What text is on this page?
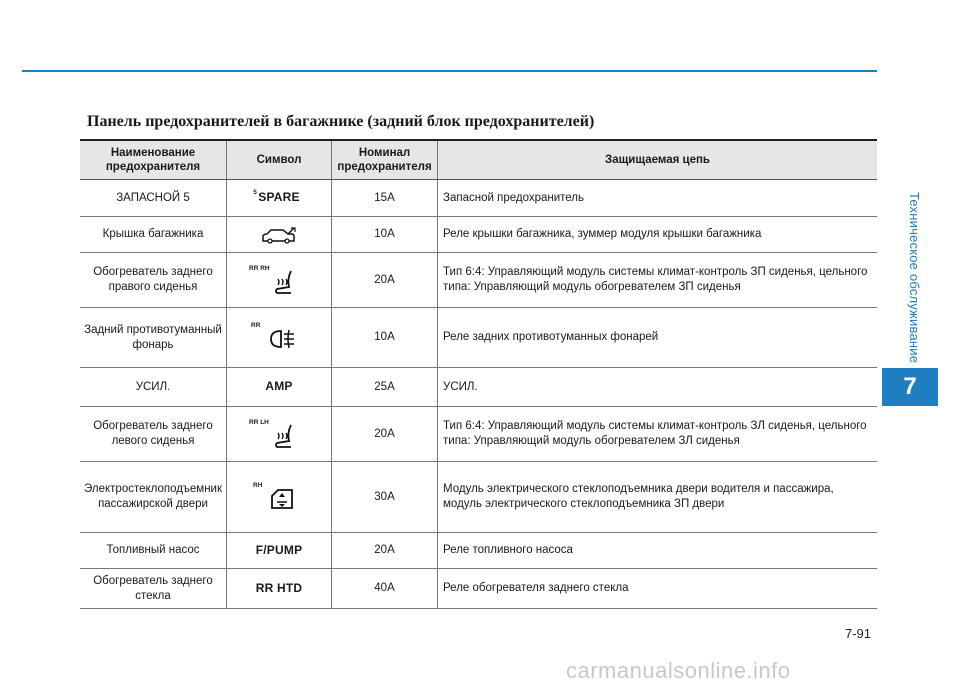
Техническое обслуживание
7
Панель предохранителей в багажнике (задний блок предохранителей)
Наименование предохранителя	Символ	Номинал предохранителя	Защищаемая цепь
ЗАПАСНОЙ 5	5 SPARE	15A	Запасной предохранитель
Крышка багажника		10A	Реле крышки багажника, зуммер модуля крышки багажника
Обогреватель заднего правого сиденья	RR RH	20A	Тип 6:4: Управляющий модуль системы климат-контроль ЗП сиденья, цельного типа: Управляющий модуль обогревателем ЗП сиденья
Задний противотуманный фонарь	RR	10A	Реле задних противотуманных фонарей
УСИЛ.	AMP	25A	УСИЛ.
Обогреватель заднего левого сиденья	RR LH	20A	Тип 6:4: Управляющий модуль системы климат-контроль ЗЛ сиденья, цельного типа: Управляющий модуль обогревателем ЗЛ сиденья
Электростеклоподъемник пассажирской двери	RH	30A	Модуль электрического стеклоподъемника двери водителя и пассажира, модуль электрического стеклоподъемника ЗП двери
Топливный насос	F/PUMP	20A	Реле топливного насоса
Обогреватель заднего стекла	RR HTD	40A	Реле обогревателя заднего стекла
7-91
carmanualsonline.info
